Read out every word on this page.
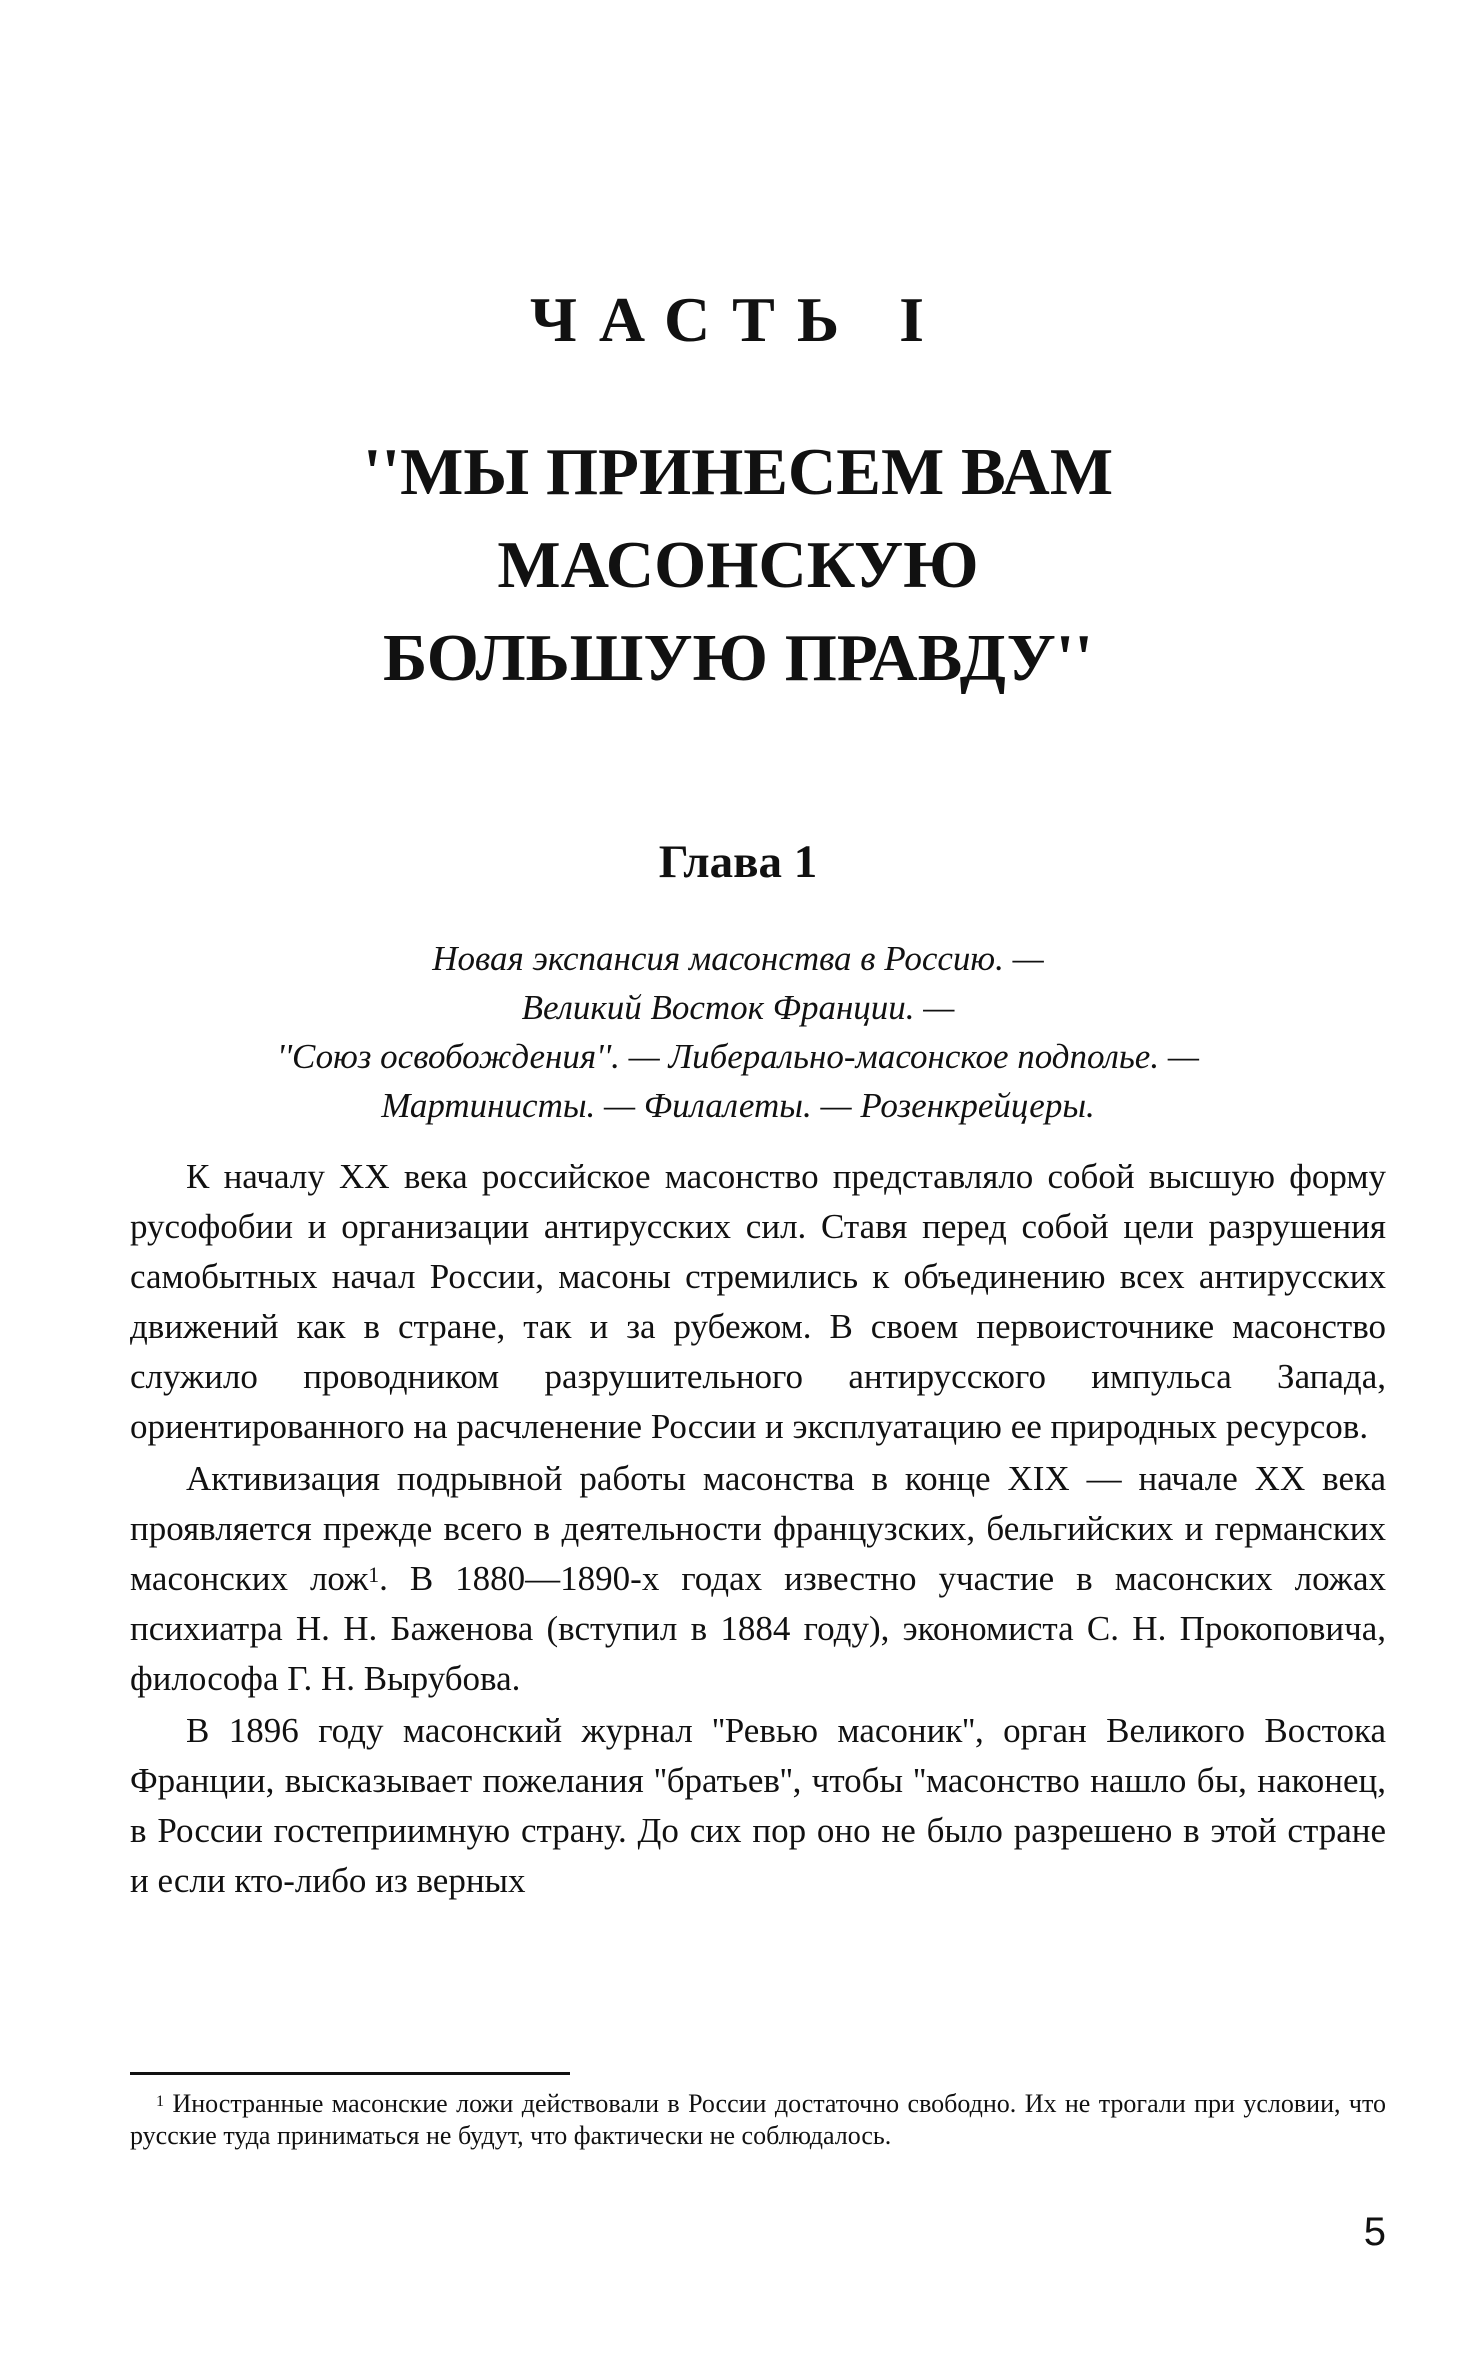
ЧАСТЬ I
''МЫ ПРИНЕСЕМ ВАМ
МАСОНСКУЮ
БОЛЬШУЮ ПРАВДУ''
Глава 1
Новая экспансия масонства в Россию. —
Великий Восток Франции. —
''Союз освобождения''. — Либерально-масонское подполье. —
Мартинисты. — Филалеты. — Розенкрейцеры.

К началу XX века российское масонство представляло собой высшую форму русофобии и организации антирусских сил. Ставя перед собой цели разрушения самобытных начал России, масоны стремились к объединению всех антирусских движений как в стране, так и за рубежом. В своем первоисточнике масонство служило проводником разрушительного антирусского импульса Запада, ориентированного на расчленение России и эксплуатацию ее природных ресурсов.

Активизация подрывной работы масонства в конце XIX — начале XX века проявляется прежде всего в деятельности французских, бельгийских и германских масонских лож$^1$. В 1880—1890-х годах известно участие в масонских ложах психиатра Н. Н. Баженова (вступил в 1884 году), экономиста С. Н. Прокоповича, философа Г. Н. Вырубова.

В 1896 году масонский журнал ''Ревью масоник'', орган Великого Востока Франции, высказывает пожелания ''братьев'', чтобы ''масонство нашло бы, наконец, в России гостеприимную страну. До сих пор оно не было разрешено в этой стране и если кто-либо из верных

$^1$ Иностранные масонские ложи действовали в России достаточно свободно. Их не трогали при условии, что русские туда приниматься не будут, что фактически не соблюдалось.
5
